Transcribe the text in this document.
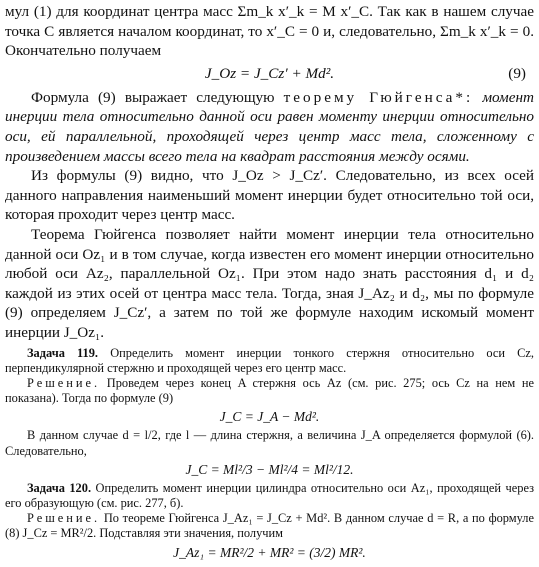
мул (1) для координат центра масс Σm_k x′_k = M x′_C. Так как в нашем случае точка C является началом координат, то x′_C = 0 и, следовательно, Σm_k x′_k = 0. Окончательно получаем

J_Oz = J_Cz′ + Md².	(9)

Формула (9) выражает следующую теорему Гюйгенса*: момент инерции тела относительно данной оси равен моменту инерции относительно оси, ей параллельной, проходящей через центр масс тела, сложенному с произведением массы всего тела на квадрат расстояния между осями.

Из формулы (9) видно, что J_Oz > J_Cz′. Следовательно, из всех осей данного направления наименьший момент инерции будет относительно той оси, которая проходит через центр масс.

Теорема Гюйгенса позволяет найти момент инерции тела относительно данной оси Oz₁ и в том случае, когда известен его момент инерции относительно любой оси Az₂, параллельной Oz₁. При этом надо знать расстояния d₁ и d₂ каждой из этих осей от центра масс тела. Тогда, зная J_Az₂ и d₂, мы по формуле (9) определяем J_Cz′, а затем по той же формуле находим искомый момент инерции J_Oz₁.

Задача 119. Определить момент инерции тонкого стержня относительно оси Cz, перпендикулярной стержню и проходящей через его центр масс.

Решение. Проведем через конец A стержня ось Az (см. рис. 275; ось Cz на нем не показана). Тогда по формуле (9)

J_C = J_A − Md².

В данном случае d = l/2, где l — длина стержня, а величина J_A определяется формулой (6). Следовательно,

J_C = Ml²/3 − Ml²/4 = Ml²/12.

Задача 120. Определить момент инерции цилиндра относительно оси Az₁, проходящей через его образующую (см. рис. 277, б).

Решение. По теореме Гюйгенса J_Az₁ = J_Cz + Md². В данном случае d = R, а по формуле (8) J_Cz = MR²/2. Подставляя эти значения, получим

J_Az₁ = MR²/2 + MR² = (3/2) MR².
